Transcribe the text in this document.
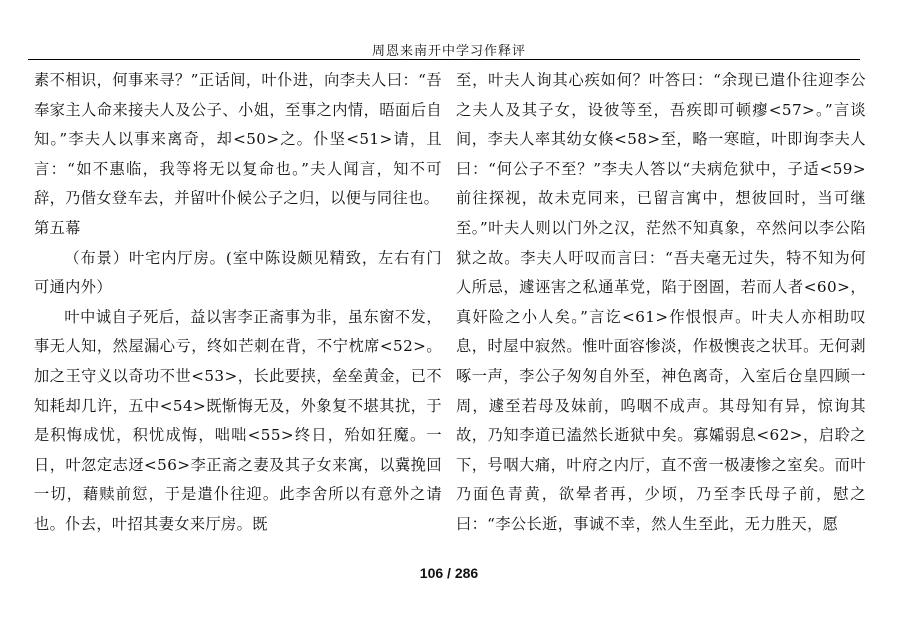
周恩来南开中学习作释评

素不相识，何事来寻？”正话间，叶仆进，向李夫人曰：“吾奉家主人命来接夫人及公子、小姐，至事之内情，晤面后自知。”李夫人以事来离奇，却<50>之。仆坚<51>请，且言：“如不惠临，我等将无以复命也。”夫人闻言，知不可辞，乃偕女登车去，并留叶仆候公子之归，以便与同往也。

第五幕

（布景）叶宅内厅房。(室中陈设颇见精致，左右有门可通内外）

叶中诚自子死后，益以害李正斋事为非，虽东窗不发，事无人知，然屋漏心亏，终如芒刺在背，不宁枕席<52>。加之王守义以奇功不世<53>，长此要挟，垒垒黄金，已不知耗却几许，五中<54>既惭悔无及，外象复不堪其扰，于是积悔成忧，积忧成悔，咄咄<55>终日，殆如狂魔。一日，叶忽定志迓<56>李正斋之妻及其子女来寓，以冀挽回一切，藉赎前愆，于是遣仆往迎。此李舍所以有意外之请也。仆去，叶招其妻女来厅房。既

至，叶夫人询其心疾如何？叶答曰：“余现已遣仆往迎李公之夫人及其子女，设彼等至，吾疾即可顿瘳<57>。”言谈间，李夫人率其幼女倏<58>至，略一寒暄，叶即询李夫人曰：“何公子不至？”李夫人答以“夫病危狱中，子适<59>前往探视，故未克同来，已留言寓中，想彼回时，当可继至。”叶夫人则以门外之汉，茫然不知真象，卒然问以李公陷狱之故。李夫人吁叹而言曰：“吾夫毫无过失，特不知为何人所忌，遽诬害之私通革党，陷于囹圄，若而人者<60>，真奸险之小人矣。”言讫<61>作恨恨声。叶夫人亦相助叹息，时屋中寂然。惟叶面容惨淡，作极懊丧之状耳。无何剥啄一声，李公子匆匆自外至，神色离奇，入室后仓皇四顾一周，遽至若母及妹前，呜咽不成声。其母知有异，惊询其故，乃知李道已溘然长逝狱中矣。寡孀弱息<62>，启聆之下，号咽大痛，叶府之内厅，直不啻一极凄惨之室矣。而叶乃面色青黄，欲晕者再，少顷，乃至李氏母子前，慰之曰：“李公长逝，事诚不幸，然人生至此，无力胜天，愿

106 / 286
